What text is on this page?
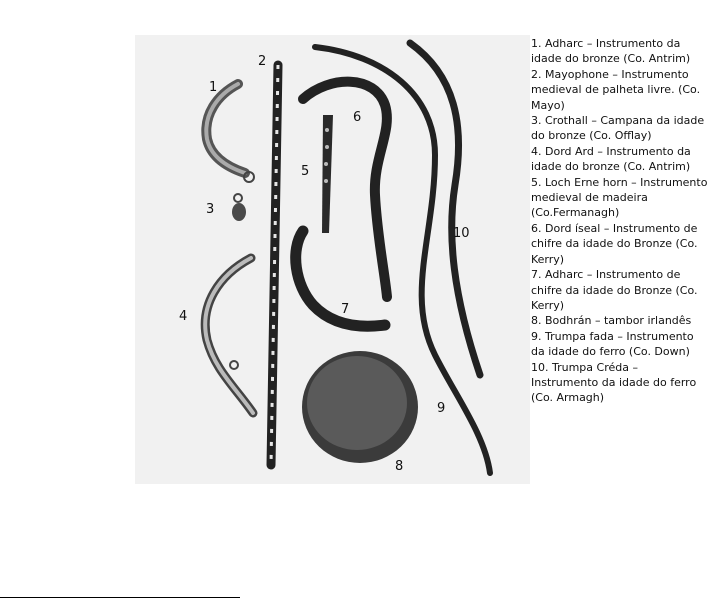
1
2
3
4
5
6
7
8
9
10
1. Adharc – Instrumento da idade do bronze (Co. Antrim)
2. Mayophone – Instrumento medieval de palheta livre. (Co. Mayo)
3. Crothall – Campana da idade do bronze (Co. Offlay)
4. Dord Ard – Instrumento da idade do bronze (Co. Antrim)
5. Loch Erne horn – Instrumento medieval de madeira (Co.Fermanagh)
6. Dord íseal – Instrumento de chifre da idade do Bronze (Co. Kerry)
7. Adharc – Instrumento de chifre da idade do Bronze (Co. Kerry)
8. Bodhrán – tambor irlandês
9. Trumpa fada – Instrumento da idade do ferro (Co. Down)
10. Trumpa Créda – Instrumento da idade do ferro (Co. Armagh)
